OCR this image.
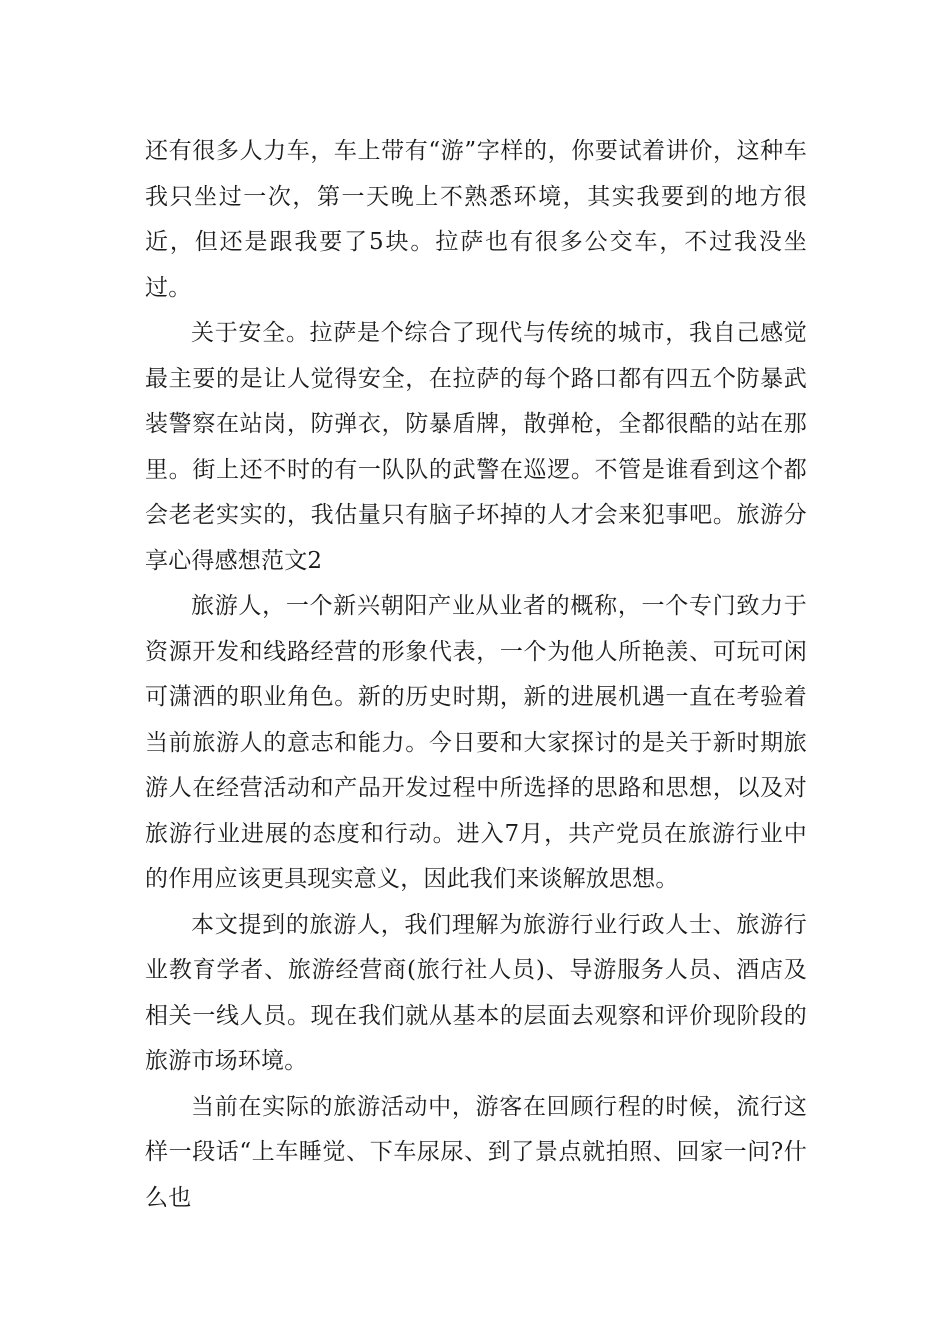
还有很多人力车，车上带有“游”字样的，你要试着讲价，这种车我只坐过一次，第一天晚上不熟悉环境，其实我要到的地方很近，但还是跟我要了5块。拉萨也有很多公交车，不过我没坐过。

关于安全。拉萨是个综合了现代与传统的城市，我自己感觉最主要的是让人觉得安全，在拉萨的每个路口都有四五个防暴武装警察在站岗，防弹衣，防暴盾牌，散弹枪，全都很酷的站在那里。街上还不时的有一队队的武警在巡逻。不管是谁看到这个都会老老实实的，我估量只有脑子坏掉的人才会来犯事吧。旅游分享心得感想范文2

旅游人，一个新兴朝阳产业从业者的概称，一个专门致力于资源开发和线路经营的形象代表，一个为他人所艳羡、可玩可闲可潇洒的职业角色。新的历史时期，新的进展机遇一直在考验着当前旅游人的意志和能力。今日要和大家探讨的是关于新时期旅游人在经营活动和产品开发过程中所选择的思路和思想，以及对旅游行业进展的态度和行动。进入7月，共产党员在旅游行业中的作用应该更具现实意义，因此我们来谈解放思想。

本文提到的旅游人，我们理解为旅游行业行政人士、旅游行业教育学者、旅游经营商(旅行社人员)、导游服务人员、酒店及相关一线人员。现在我们就从基本的层面去观察和评价现阶段的旅游市场环境。

当前在实际的旅游活动中，游客在回顾行程的时候，流行这样一段话“上车睡觉、下车尿尿、到了景点就拍照、回家一问?什么也
